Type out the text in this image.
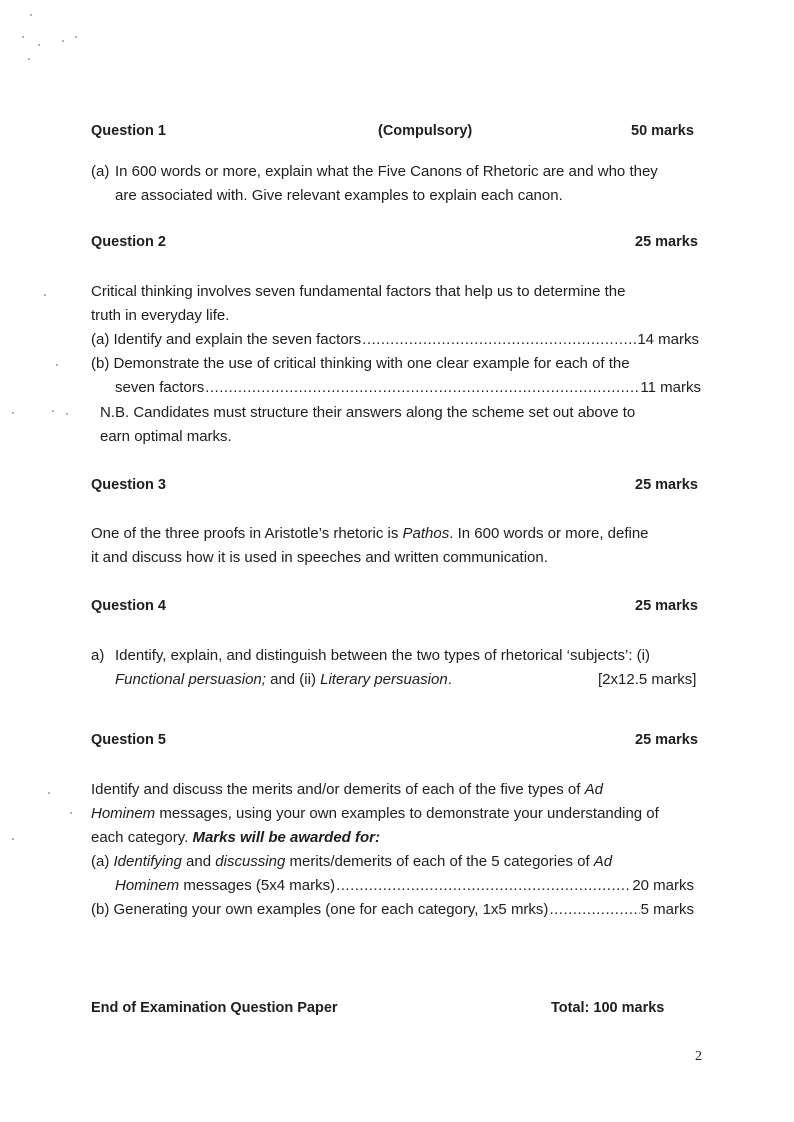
Question 1	(Compulsory)	50 marks
(a) In 600 words or more, explain what the Five Canons of Rhetoric are and who they
are associated with. Give relevant examples to explain each canon.
Question 2	25 marks
Critical thinking involves seven fundamental factors that help us to determine the
truth in everyday life.
(a) Identify and explain the seven factors .....	14 marks
(b) Demonstrate the use of critical thinking with one clear example for each of the
seven factors .....	11 marks
N.B. Candidates must structure their answers along the scheme set out above to
earn optimal marks.
Question 3	25 marks
One of the three proofs in Aristotle’s rhetoric is Pathos. In 600 words or more, define
it and discuss how it is used in speeches and written communication.
Question 4	25 marks
a) Identify, explain, and distinguish between the two types of rhetorical ‘subjects’: (i)
Functional persuasion; and (ii) Literary persuasion.	[2x12.5 marks]
Question 5	25 marks
Identify and discuss the merits and/or demerits of each of the five types of Ad
Hominem messages, using your own examples to demonstrate your understanding of
each category. Marks will be awarded for:
(a) Identifying and discussing merits/demerits of each of the 5 categories of Ad
Hominem messages (5x4 marks) .....	20 marks
(b) Generating your own examples (one for each category, 1x5 mrks) .....	5 marks
End of Examination Question Paper	Total: 100 marks
2
